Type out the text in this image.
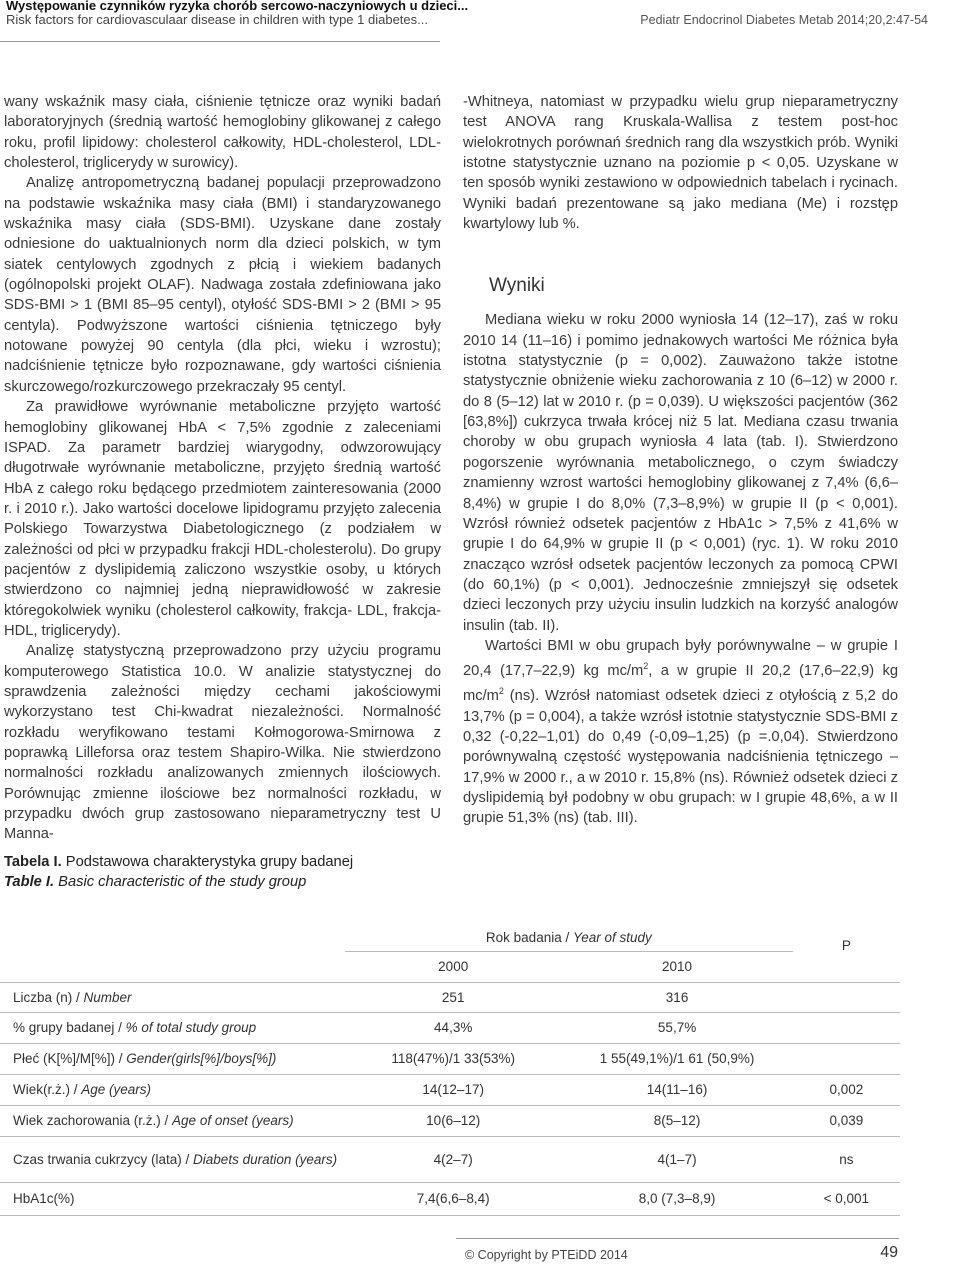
Występowanie czynników ryzyka chorób sercowo-naczyniowych u dzieci...
Risk factors for cardiovasculaar disease in children with type 1 diabetes...	Pediatr Endocrinol Diabetes Metab 2014;20,2:47-54

wany wskaźnik masy ciała, ciśnienie tętnicze oraz wyniki badań laboratoryjnych (średnią wartość hemoglobiny glikowanej z całego roku, profil lipidowy: cholesterol całkowity, HDL-cholesterol, LDL- cholesterol, triglicerydy w surowicy).

Analizę antropometryczną badanej populacji przeprowadzono na podstawie wskaźnika masy ciała (BMI) i standaryzowanego wskaźnika masy ciała (SDS-BMI). Uzyskane dane zostały odniesione do uaktualnionych norm dla dzieci polskich, w tym siatek centylowych zgodnych z płcią i wiekiem badanych (ogólnopolski projekt OLAF). Nadwaga została zdefiniowana jako SDS-BMI > 1 (BMI 85–95 centyl), otyłość SDS-BMI > 2 (BMI > 95 centyla). Podwyższone wartości ciśnienia tętniczego były notowane powyżej 90 centyla (dla płci, wieku i wzrostu); nadciśnienie tętnicze było rozpoznawane, gdy wartości ciśnienia skurczowego/rozkurczowego przekraczały 95 centyl.

Za prawidłowe wyrównanie metaboliczne przyjęto wartość hemoglobiny glikowanej HbA < 7,5% zgodnie z zaleceniami ISPAD. Za parametr bardziej wiarygodny, odwzorowujący długotrwałe wyrównanie metaboliczne, przyjęto średnią wartość HbA z całego roku będącego przedmiotem zainteresowania (2000 r. i 2010 r.). Jako wartości docelowe lipidogramu przyjęto zalecenia Polskiego Towarzystwa Diabetologicznego (z podziałem w zależności od płci w przypadku frakcji HDL-cholesterolu). Do grupy pacjentów z dyslipidemią zaliczono wszystkie osoby, u których stwierdzono co najmniej jedną nieprawidłowość w zakresie któregokolwiek wyniku (cholesterol całkowity, frakcja- LDL, frakcja- HDL, triglicerydy).

Analizę statystyczną przeprowadzono przy użyciu programu komputerowego Statistica 10.0. W analizie statystycznej do sprawdzenia zależności między cechami jakościowymi wykorzystano test Chi-kwadrat niezależności. Normalność rozkładu weryfikowano testami Kołmogorowa-Smirnowa z poprawką Lilleforsa oraz testem Shapiro-Wilka. Nie stwierdzono normalności rozkładu analizowanych zmiennych ilościowych. Porównując zmienne ilościowe bez normalności rozkładu, w przypadku dwóch grup zastosowano nieparametryczny test U Manna-

-Whitneya, natomiast w przypadku wielu grup nieparametryczny test ANOVA rang Kruskala-Wallisa z testem post-hoc wielokrotnych porównań średnich rang dla wszystkich prób. Wyniki istotne statystycznie uznano na poziomie p < 0,05. Uzyskane w ten sposób wyniki zestawiono w odpowiednich tabelach i rycinach. Wyniki badań prezentowane są jako mediana (Me) i rozstęp kwartylowy lub %.

Wyniki

Mediana wieku w roku 2000 wyniosła 14 (12–17), zaś w roku 2010 14 (11–16) i pomimo jednakowych wartości Me różnica była istotna statystycznie (p = 0,002). Zauważono także istotne statystycznie obniżenie wieku zachorowania z 10 (6–12) w 2000 r. do 8 (5–12) lat w 2010 r. (p = 0,039). U większości pacjentów (362 [63,8%]) cukrzyca trwała krócej niż 5 lat. Mediana czasu trwania choroby w obu grupach wyniosła 4 lata (tab. I). Stwierdzono pogorszenie wyrównania metabolicznego, o czym świadczy znamienny wzrost wartości hemoglobiny glikowanej z 7,4% (6,6–8,4%) w grupie I do 8,0% (7,3–8,9%) w grupie II (p < 0,001). Wzrósł również odsetek pacjentów z HbA1c > 7,5% z 41,6% w grupie I do 64,9% w grupie II (p < 0,001) (ryc. 1). W roku 2010 znacząco wzrósł odsetek pacjentów leczonych za pomocą CPWI (do 60,1%) (p < 0,001). Jednocześnie zmniejszył się odsetek dzieci leczonych przy użyciu insulin ludzkich na korzyść analogów insulin (tab. II).

Wartości BMI w obu grupach były porównywalne – w grupie I 20,4 (17,7–22,9) kg $mc/m^2$, a w grupie II 20,2 (17,6–22,9) kg $mc/m^2$ (ns). Wzrósł natomiast odsetek dzieci z otyłością z 5,2 do 13,7% (p = 0,004), a także wzrósł istotnie statystycznie SDS-BMI z 0,32 (-0,22–1,01) do 0,49 (-0,09–1,25) (p =.0,04). Stwierdzono porównywalną częstość występowania nadciśnienia tętniczego – 17,9% w 2000 r., a w 2010 r. 15,8% (ns). Również odsetek dzieci z dyslipidemią był podobny w obu grupach: w I grupie 48,6%, a w II grupie 51,3% (ns) (tab. III).

Tabela I. Podstawowa charakterystyka grupy badanej
Table I. Basic characteristic of the study group
	Rok badania / Year of study		P
	2000	2010	
Liczba (n) / Number	251	316	
% grupy badanej / % of total study group	44,3%	55,7%	
Płeć (K[%]/M[%]) / Gender(girls[%]/boys[%])	118(47%)/1 33(53%)	1 55(49,1%)/1 61 (50,9%)	
Wiek(r.ż.) / Age (years)	14(12–17)	14(11–16)	0,002
Wiek zachorowania (r.ż.) / Age of onset (years)	10(6–12)	8(5–12)	0,039
Czas trwania cukrzycy (lata) / Diabets duration (years)	4(2–7)	4(1–7)	ns
HbA1c(%)	7,4(6,6–8,4)	8,0 (7,3–8,9)	< 0,001
© Copyright by PTEiDD 2014	49
